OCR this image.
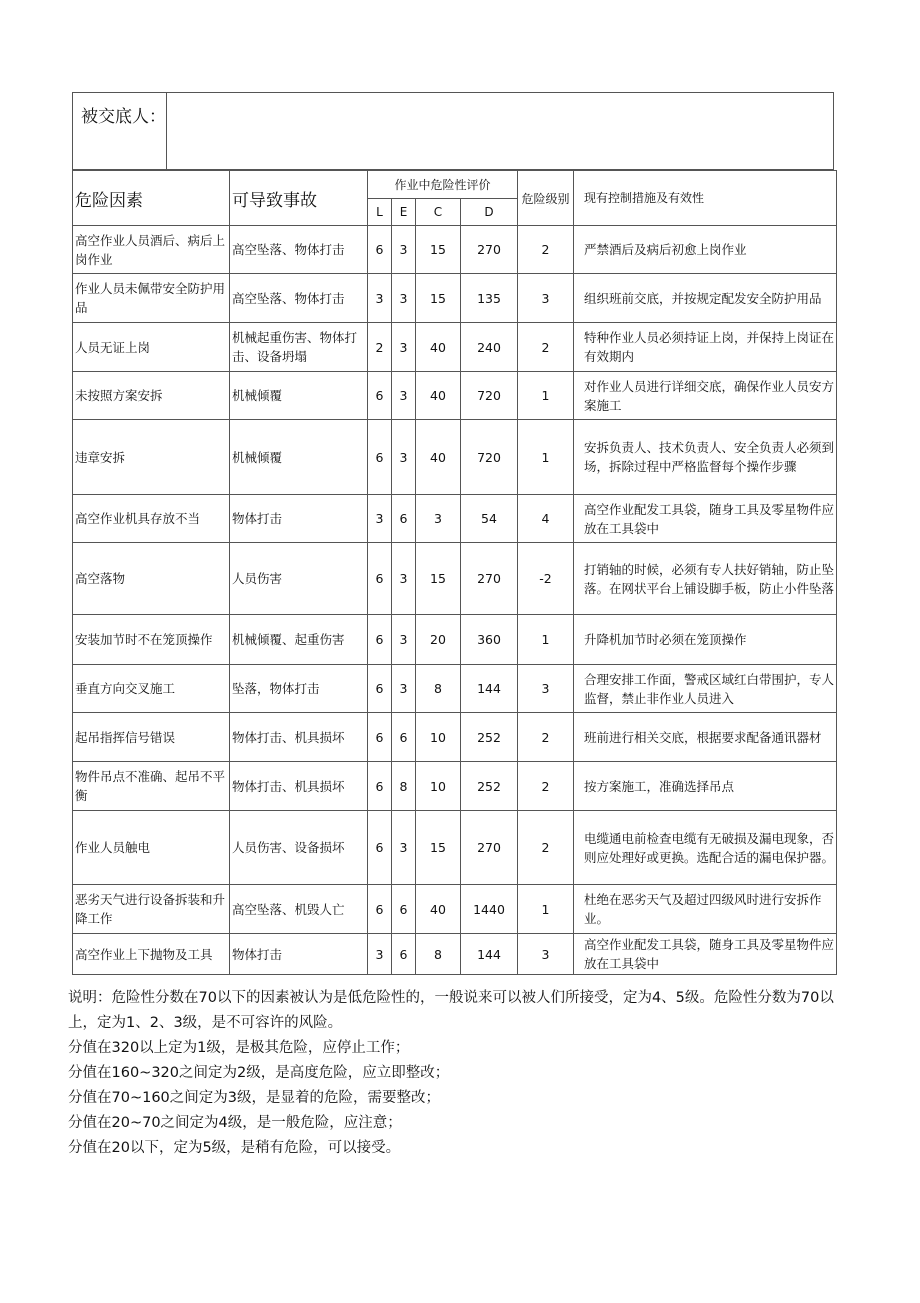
被交底人：
危险因素	可导致事故	作业中危险性评价				危险级别	现有控制措施及有效性
		L	E	C	D		
高空作业人员酒后、病后上岗作业	高空坠落、物体打击	6	3	15	270	2	严禁酒后及病后初愈上岗作业
作业人员未佩带安全防护用品	高空坠落、物体打击	3	3	15	135	3	组织班前交底，并按规定配发安全防护用品
人员无证上岗	机械起重伤害、物体打击、设备坍塌	2	3	40	240	2	特种作业人员必须持证上岗，并保持上岗证在有效期内
未按照方案安拆	机械倾覆	6	3	40	720	1	对作业人员进行详细交底，确保作业人员安方案施工
违章安拆	机械倾覆	6	3	40	720	1	安拆负责人、技术负责人、安全负责人必须到场，拆除过程中严格监督每个操作步骤
高空作业机具存放不当	物体打击	3	6	3	54	4	高空作业配发工具袋，随身工具及零星物件应放在工具袋中
高空落物	人员伤害	6	3	15	270	-2	打销轴的时候，必须有专人扶好销轴，防止坠落。在网状平台上铺设脚手板，防止小件坠落
安装加节时不在笼顶操作	机械倾覆、起重伤害	6	3	20	360	1	升降机加节时必须在笼顶操作
垂直方向交叉施工	坠落，物体打击	6	3	8	144	3	合理安排工作面，警戒区域红白带围护，专人监督，禁止非作业人员进入
起吊指挥信号错误	物体打击、机具损坏	6	6	10	252	2	班前进行相关交底，根据要求配备通讯器材
物件吊点不准确、起吊不平衡	物体打击、机具损坏	6	8	10	252	2	按方案施工，准确选择吊点
作业人员触电	人员伤害、设备损坏	6	3	15	270	2	电缆通电前检查电缆有无破损及漏电现象，否则应处理好或更换。选配合适的漏电保护器。
恶劣天气进行设备拆装和升降工作	高空坠落、机毁人亡	6	6	40	1440	1	杜绝在恶劣天气及超过四级风时进行安拆作业。
高空作业上下抛物及工具	物体打击	3	6	8	144	3	高空作业配发工具袋，随身工具及零星物件应放在工具袋中

说明：危险性分数在70以下的因素被认为是低危险性的，一般说来可以被人们所接受，定为4、5级。危险性分数为70以上，定为1、2、3级，是不可容许的风险。

分值在320以上定为1级，是极其危险，应停止工作；

分值在160~320之间定为2级，是高度危险，应立即整改；

分值在70~160之间定为3级，是显着的危险，需要整改；

分值在20~70之间定为4级，是一般危险，应注意；

分值在20以下，定为5级，是稍有危险，可以接受。
